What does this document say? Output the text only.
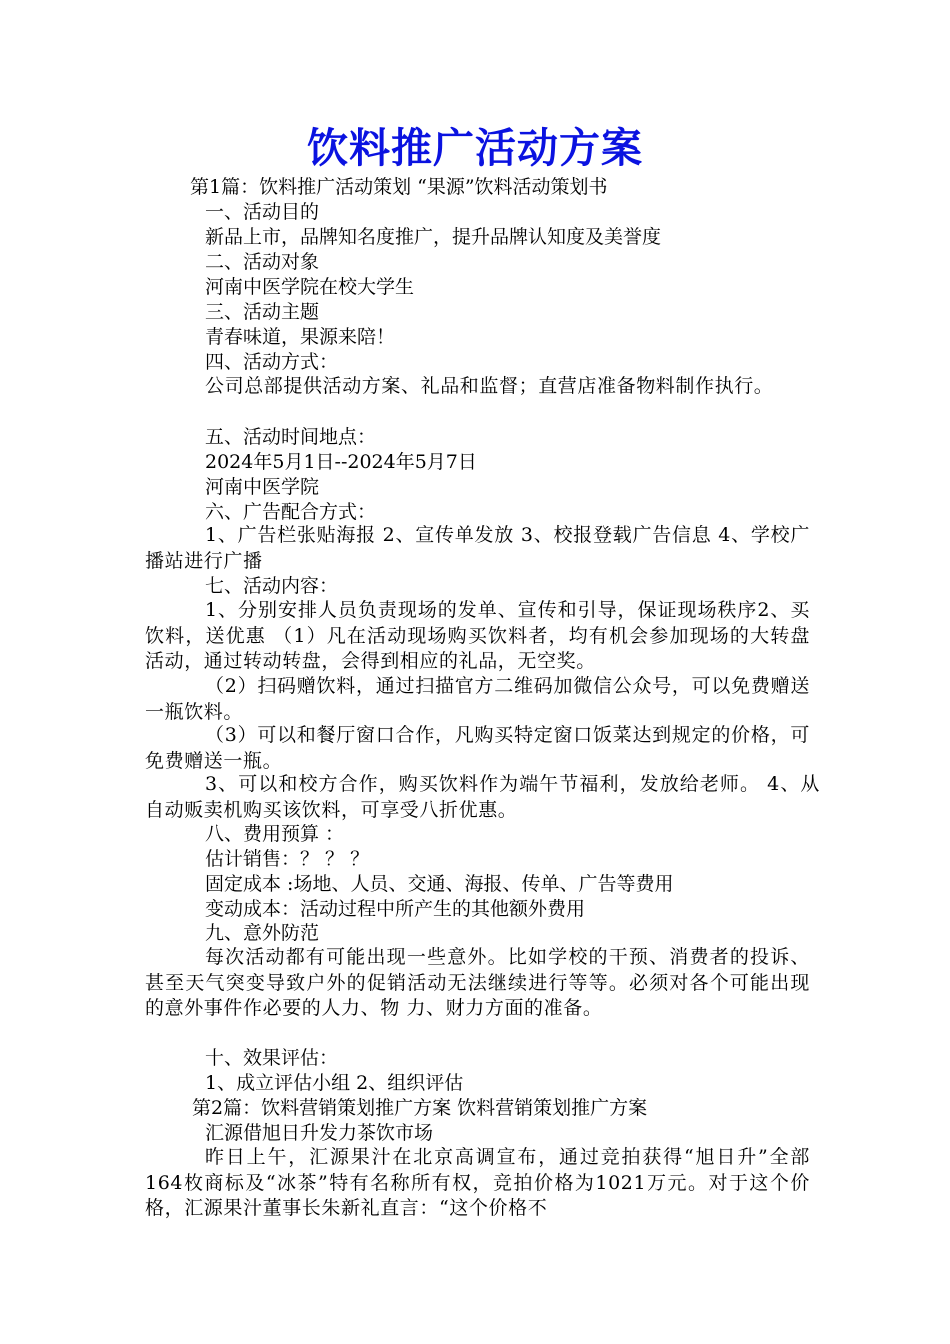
饮料推广活动方案
第1篇：饮料推广活动策划 “果源”饮料活动策划书
一、活动目的
新品上市，品牌知名度推广，提升品牌认知度及美誉度
二、活动对象
河南中医学院在校大学生
三、活动主题
青春味道，果源来陪！
四、活动方式：
公司总部提供活动方案、礼品和监督；直营店准备物料制作执行。
五、活动时间地点：
2024年5月1日--2024年5月7日
河南中医学院
六、广告配合方式：
1、广告栏张贴海报 2、宣传单发放 3、校报登载广告信息 4、学校广播站进行广播
七、活动内容：
1、分别安排人员负责现场的发单、宣传和引导，保证现场秩序2、买饮料，送优惠 （1）凡在活动现场购买饮料者，均有机会参加现场的大转盘活动，通过转动转盘，会得到相应的礼品，无空奖。
（2）扫码赠饮料，通过扫描官方二维码加微信公众号，可以免费赠送一瓶饮料。
（3）可以和餐厅窗口合作，凡购买特定窗口饭菜达到规定的价格，可免费赠送一瓶。
3、可以和校方合作，购买饮料作为端午节福利，发放给老师。 4、从自动贩卖机购买该饮料，可享受八折优惠。
八、费用预算 ：
估计销售：？ ？ ？
固定成本 :场地、人员、交通、海报、传单、广告等费用
变动成本：活动过程中所产生的其他额外费用
九、意外防范
每次活动都有可能出现一些意外。比如学校的干预、消费者的投诉、甚至天气突变导致户外的促销活动无法继续进行等等。必须对各个可能出现的意外事件作必要的人力、物 力、财力方面的准备。
十、效果评估：
1、成立评估小组 2、组织评估
第2篇：饮料营销策划推广方案 饮料营销策划推广方案
汇源借旭日升发力茶饮市场
昨日上午，汇源果汁在北京高调宣布，通过竞拍获得“旭日升”全部164枚商标及“冰茶”特有名称所有权，竞拍价格为1021万元。对于这个价格，汇源果汁董事长朱新礼直言：“这个价格不
